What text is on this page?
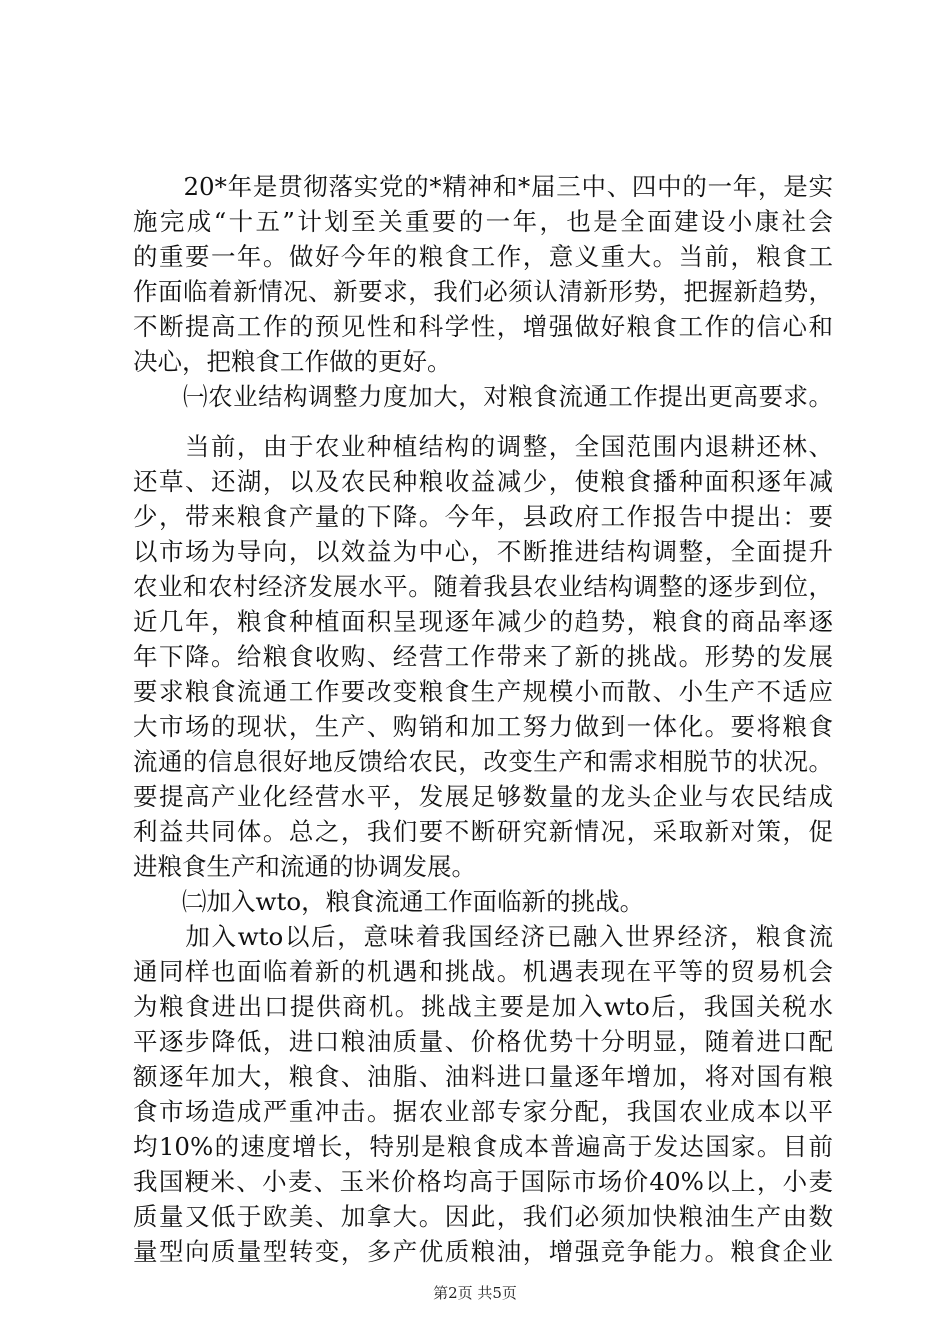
　　20*年是贯彻落实党的*精神和*届三中、四中的一年，是实
施完成“十五”计划至关重要的一年，也是全面建设小康社会
的重要一年。做好今年的粮食工作，意义重大。当前，粮食工
作面临着新情况、新要求，我们必须认清新形势，把握新趋势，
不断提高工作的预见性和科学性，增强做好粮食工作的信心和
决心，把粮食工作做的更好。
　　㈠农业结构调整力度加大，对粮食流通工作提出更高要求。
　　当前，由于农业种植结构的调整，全国范围内退耕还林、
还草、还湖，以及农民种粮收益减少，使粮食播种面积逐年减
少，带来粮食产量的下降。今年，县政府工作报告中提出：要
以市场为导向，以效益为中心，不断推进结构调整，全面提升
农业和农村经济发展水平。随着我县农业结构调整的逐步到位，
近几年，粮食种植面积呈现逐年减少的趋势，粮食的商品率逐
年下降。给粮食收购、经营工作带来了新的挑战。形势的发展
要求粮食流通工作要改变粮食生产规模小而散、小生产不适应
大市场的现状，生产、购销和加工努力做到一体化。要将粮食
流通的信息很好地反馈给农民，改变生产和需求相脱节的状况。
要提高产业化经营水平，发展足够数量的龙头企业与农民结成
利益共同体。总之，我们要不断研究新情况，采取新对策，促
进粮食生产和流通的协调发展。
　　㈡加入wto，粮食流通工作面临新的挑战。
　　加入wto以后，意味着我国经济已融入世界经济，粮食流
通同样也面临着新的机遇和挑战。机遇表现在平等的贸易机会
为粮食进出口提供商机。挑战主要是加入wto后，我国关税水
平逐步降低，进口粮油质量、价格优势十分明显，随着进口配
额逐年加大，粮食、油脂、油料进口量逐年增加，将对国有粮
食市场造成严重冲击。据农业部专家分配，我国农业成本以平
均10%的速度增长，特别是粮食成本普遍高于发达国家。目前
我国粳米、小麦、玉米价格均高于国际市场价40%以上，小麦
质量又低于欧美、加拿大。因此，我们必须加快粮油生产由数
量型向质量型转变，多产优质粮油，增强竞争能力。粮食企业
第2页 共5页
